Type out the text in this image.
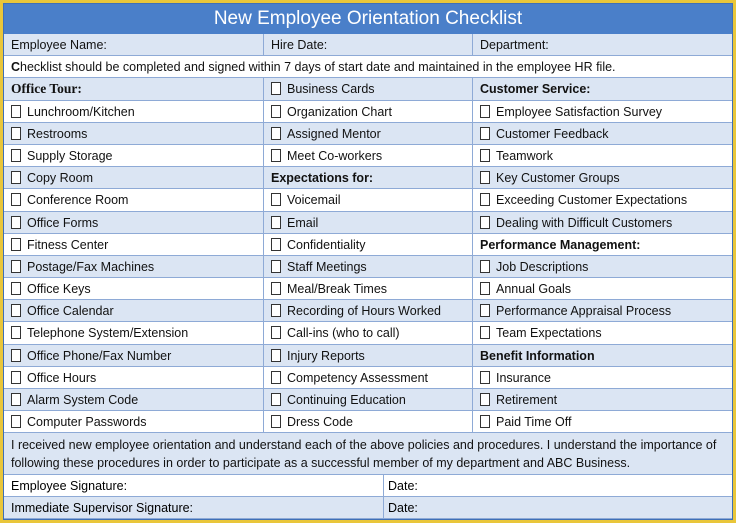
New Employee Orientation Checklist
Employee Name:	Hire Date:	Department:
Checklist should be completed and signed within 7 days of start date and maintained in the employee HR file.
Office Tour:	Business Cards	Customer Service:
Lunchroom/Kitchen	Organization Chart	Employee Satisfaction Survey
Restrooms	Assigned Mentor	Customer Feedback
Supply Storage	Meet Co-workers	Teamwork
Copy Room	Expectations for:	Key Customer Groups
Conference Room	Voicemail	Exceeding Customer Expectations
Office Forms	Email	Dealing with Difficult Customers
Fitness Center	Confidentiality	Performance Management:
Postage/Fax Machines	Staff Meetings	Job Descriptions
Office Keys	Meal/Break Times	Annual Goals
Office Calendar	Recording of Hours Worked	Performance Appraisal Process
Telephone System/Extension	Call-ins (who to call)	Team Expectations
Office Phone/Fax Number	Injury Reports	Benefit Information
Office Hours	Competency Assessment	Insurance
Alarm System Code	Continuing Education	Retirement
Computer Passwords	Dress Code	Paid Time Off
I received new employee orientation and understand each of the above policies and procedures. I understand the importance of following these procedures in order to participate as a successful member of my department and ABC Business.
Employee Signature:	Date:
Immediate Supervisor Signature:	Date:
